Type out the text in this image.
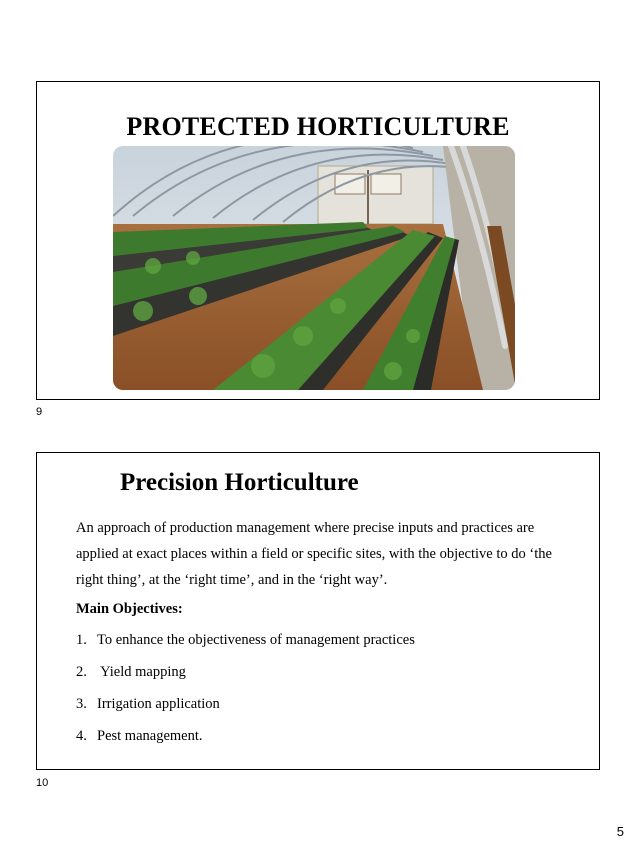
PROTECTED HORTICULTURE
9
Precision Horticulture

An approach of production management where precise inputs and practices are applied at exact places within a field or specific sites, with the objective to do ‘the right thing’, at the ‘right time’, and in the ‘right way’.

Main Objectives:
1. To enhance the objectiveness of management practices
2. Yield mapping
3. Irrigation application
4. Pest management.
10
5
